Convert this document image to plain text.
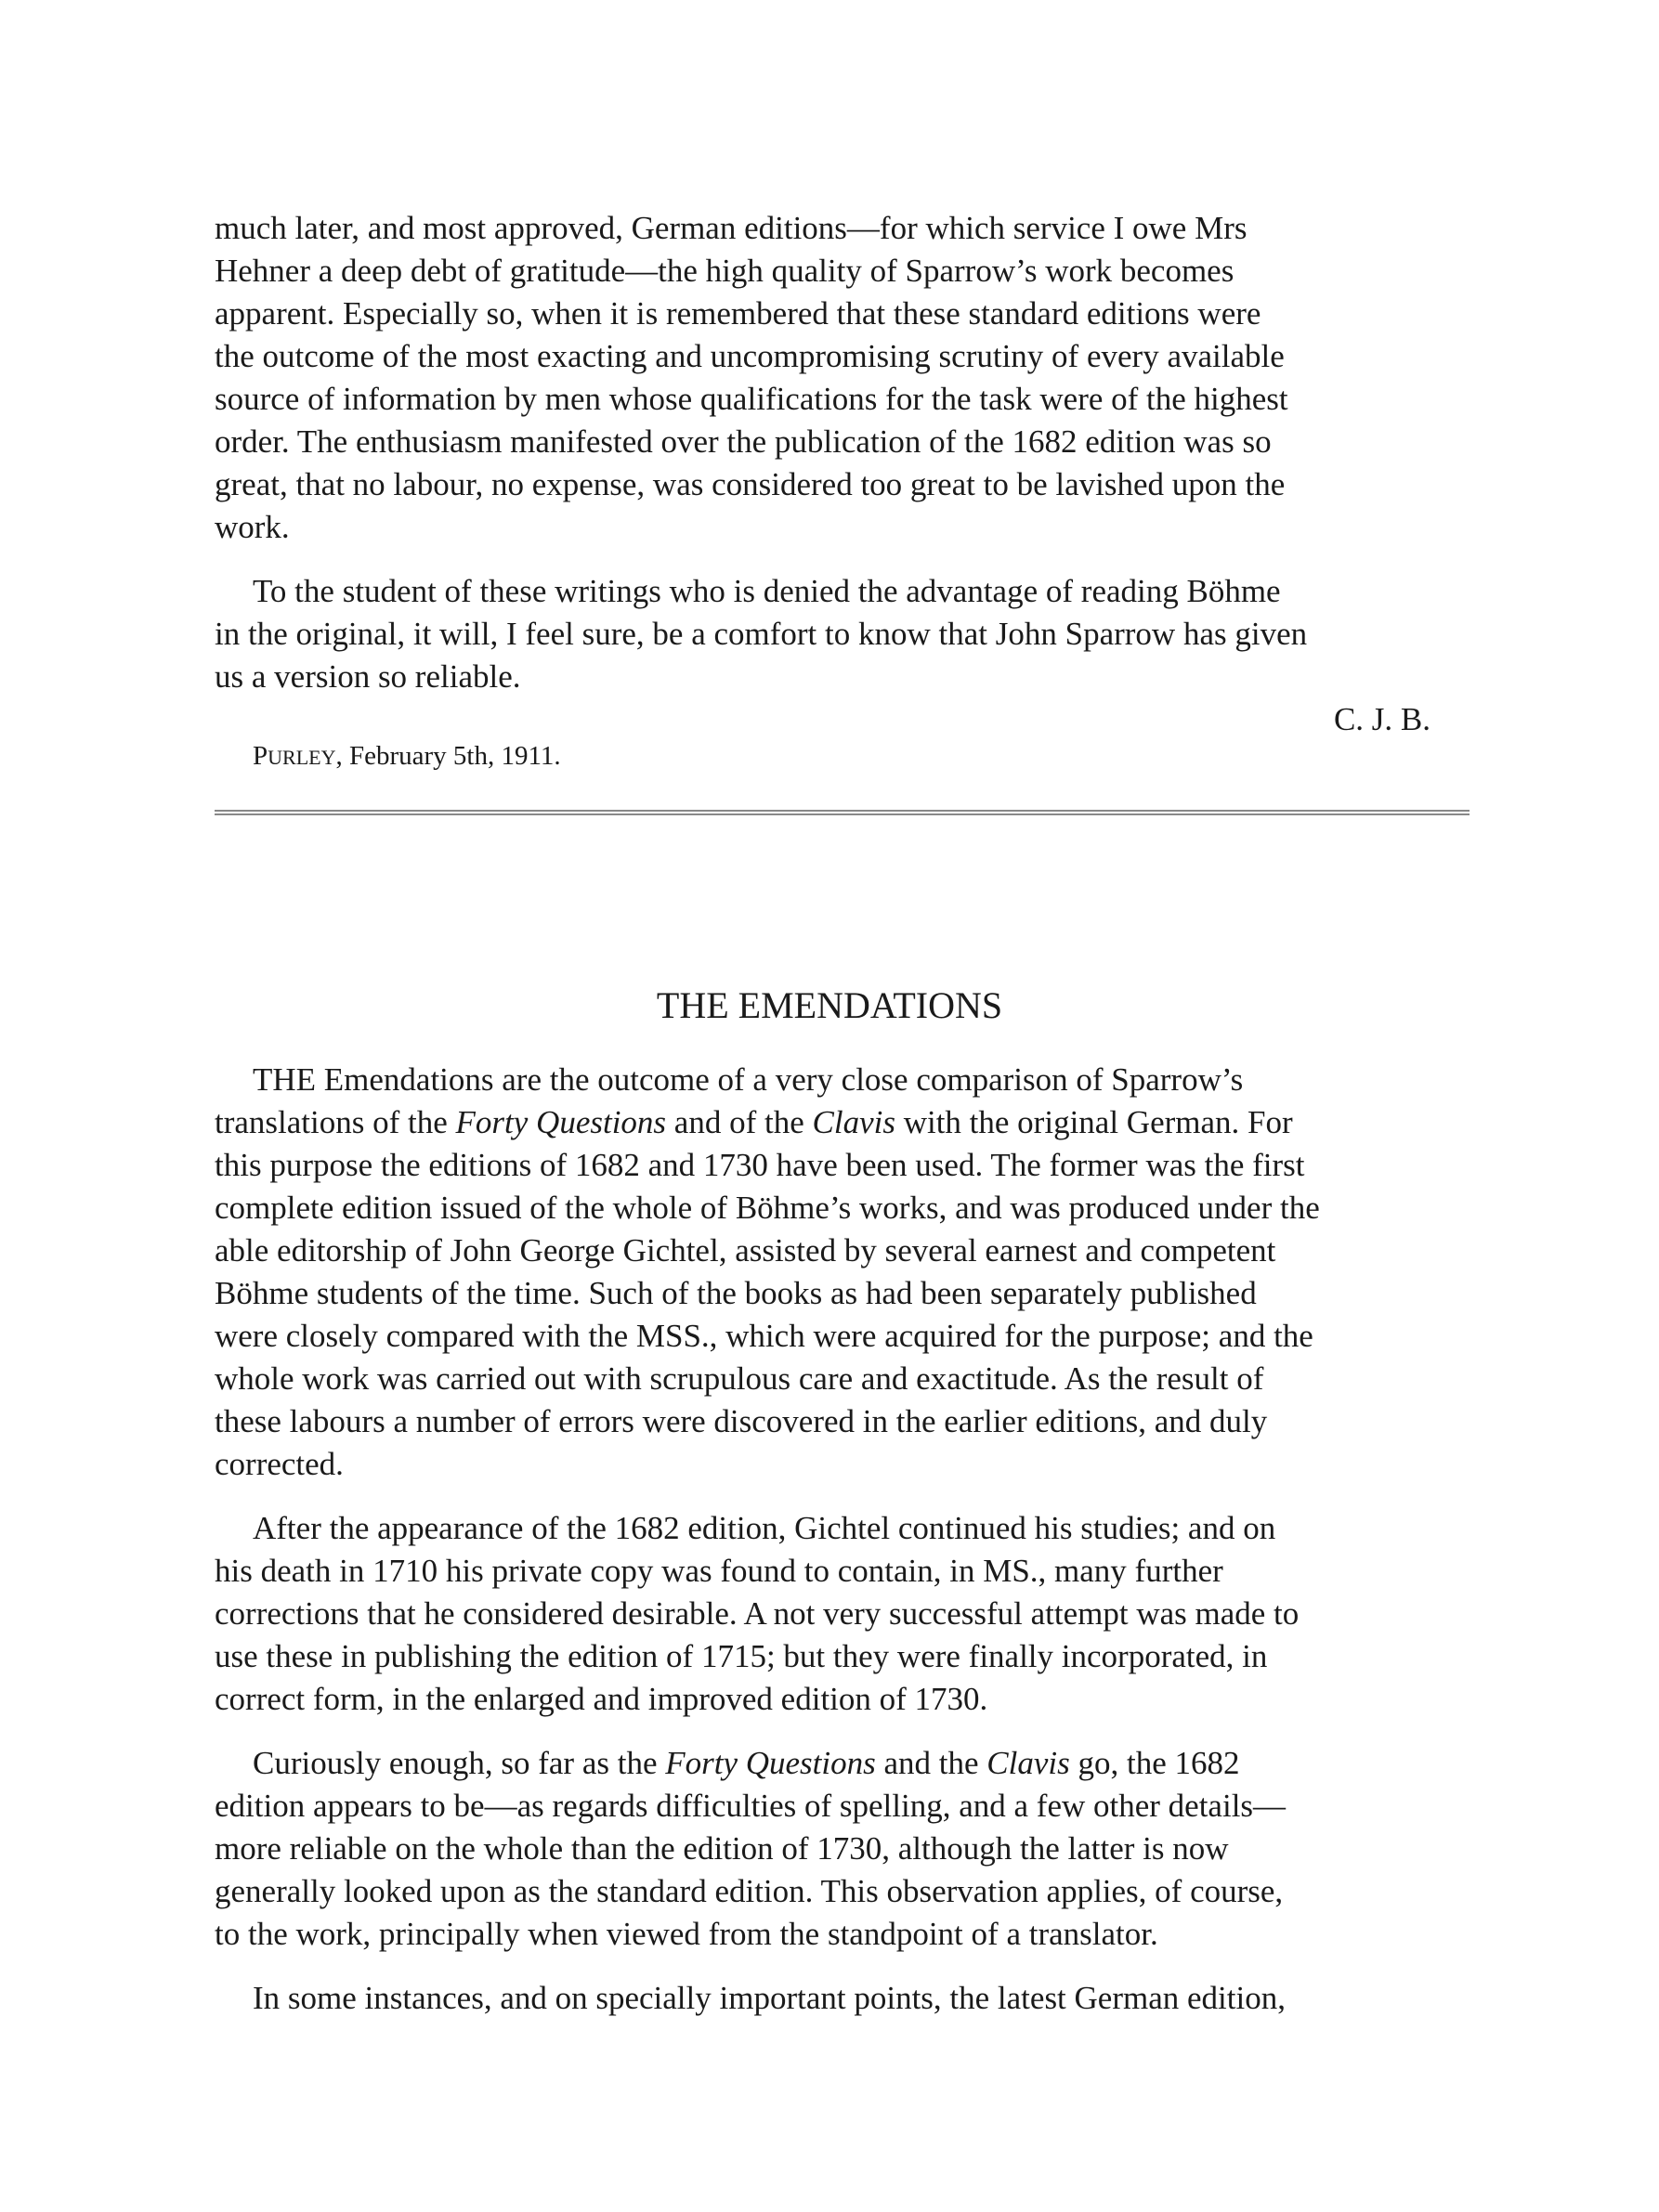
much later, and most approved, German editions—for which service I owe Mrs
Hehner a deep debt of gratitude—the high quality of Sparrow’s work becomes
apparent. Especially so, when it is remembered that these standard editions were
the outcome of the most exacting and uncompromising scrutiny of every available
source of information by men whose qualifications for the task were of the highest
order. The enthusiasm manifested over the publication of the 1682 edition was so
great, that no labour, no expense, was considered too great to be lavished upon the
work.
To the student of these writings who is denied the advantage of reading Böhme
in the original, it will, I feel sure, be a comfort to know that John Sparrow has given
us a version so reliable.
C. J. B.
PURLEY, February 5th, 1911.
THE EMENDATIONS
THE Emendations are the outcome of a very close comparison of Sparrow’s
translations of the Forty Questions and of the Clavis with the original German. For
this purpose the editions of 1682 and 1730 have been used. The former was the first
complete edition issued of the whole of Böhme’s works, and was produced under the
able editorship of John George Gichtel, assisted by several earnest and competent
Böhme students of the time. Such of the books as had been separately published
were closely compared with the MSS., which were acquired for the purpose; and the
whole work was carried out with scrupulous care and exactitude. As the result of
these labours a number of errors were discovered in the earlier editions, and duly
corrected.
After the appearance of the 1682 edition, Gichtel continued his studies; and on
his death in 1710 his private copy was found to contain, in MS., many further
corrections that he considered desirable. A not very successful attempt was made to
use these in publishing the edition of 1715; but they were finally incorporated, in
correct form, in the enlarged and improved edition of 1730.
Curiously enough, so far as the Forty Questions and the Clavis go, the 1682
edition appears to be—as regards difficulties of spelling, and a few other details—
more reliable on the whole than the edition of 1730, although the latter is now
generally looked upon as the standard edition. This observation applies, of course,
to the work, principally when viewed from the standpoint of a translator.
In some instances, and on specially important points, the latest German edition,
